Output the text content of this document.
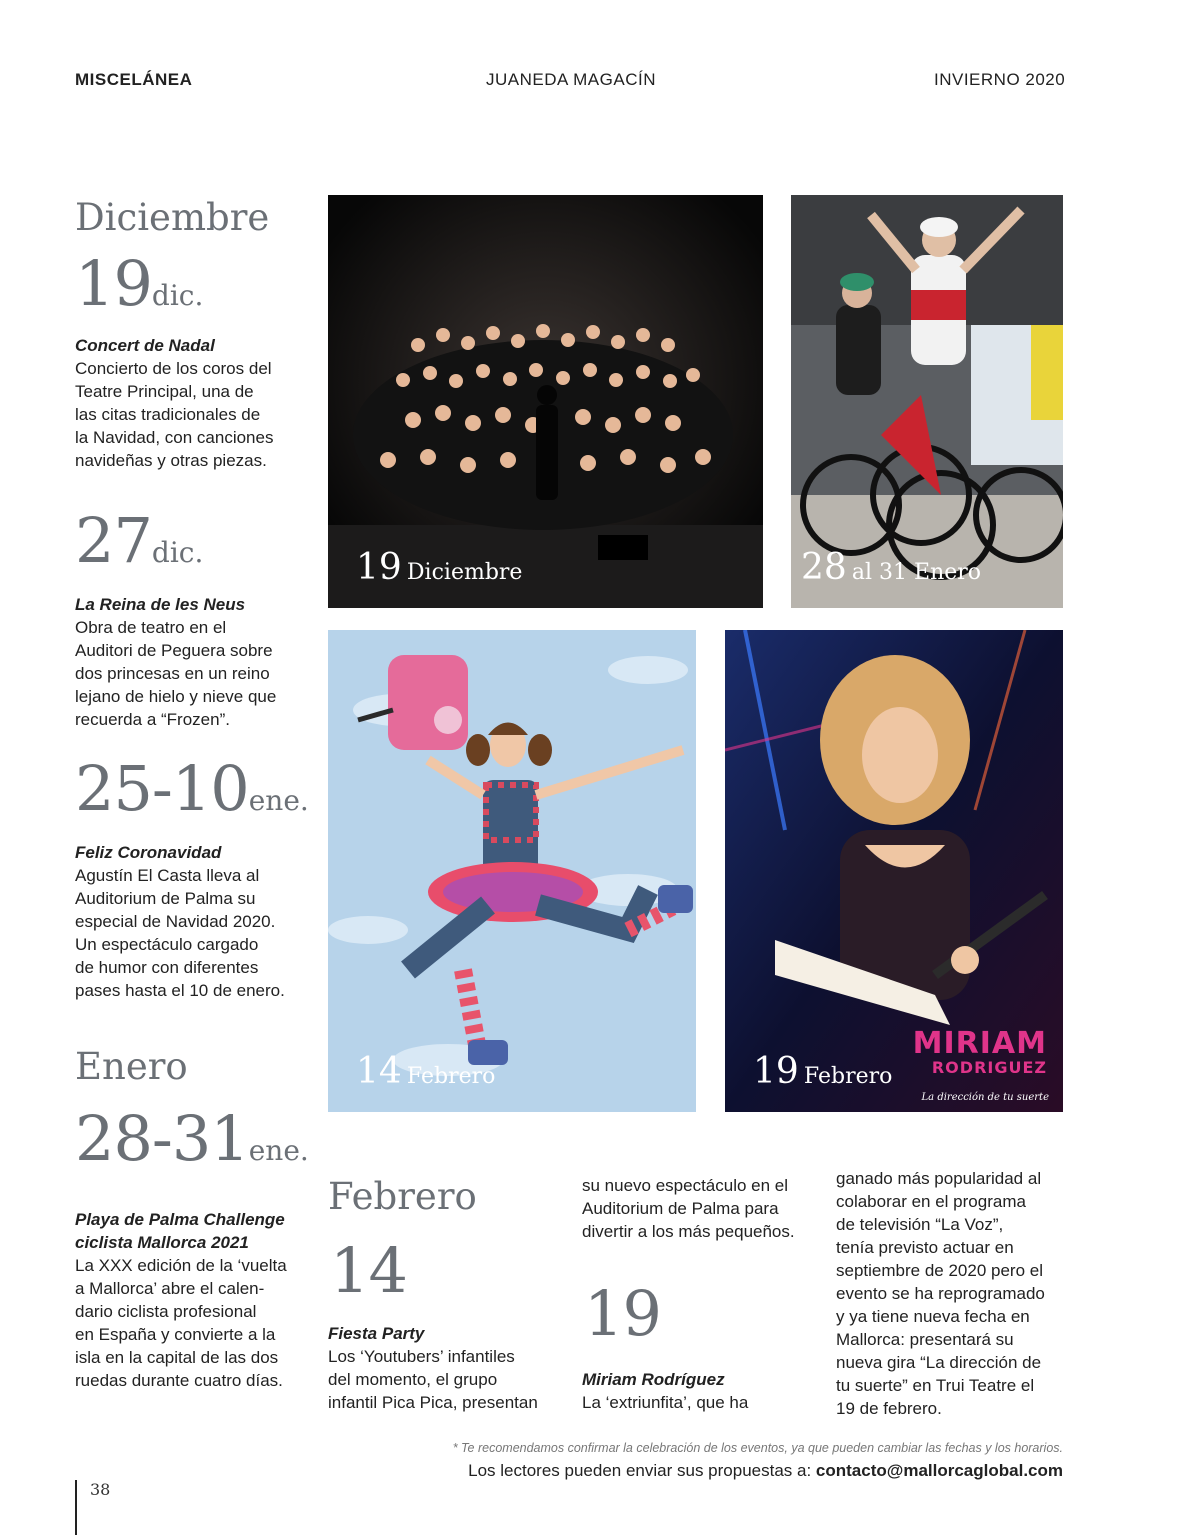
MISCELÁNEA	JUANEDA MAGACÍN	INVIERNO 2020
Diciembre
19dic.
Concert de Nadal
Concierto de los coros del
Teatre Principal, una de
las citas tradicionales de
la Navidad, con canciones
navideñas y otras piezas.
27dic.
La Reina de les Neus
Obra de teatro en el
Auditori de Peguera sobre
dos princesas en un reino
lejano de hielo y nieve que
recuerda a “Frozen”.
25-10ene.
Feliz Coronavidad
Agustín El Casta lleva al
Auditorium de Palma su
especial de Navidad 2020.
Un espectáculo cargado
de humor con diferentes
pases hasta el 10 de enero.
Enero
28-31ene.
Playa de Palma Challenge
ciclista Mallorca 2021
La XXX edición de la ‘vuelta
a Mallorca’ abre el calen-
dario ciclista profesional
en España y convierte a la
isla en la capital de las dos
ruedas durante cuatro días.
19 Diciembre	28 al 31 Enero
14 Febrero
MIRIAM
RODRIGUEZ
La dirección de tu suerte
19 Febrero
Febrero
14
Fiesta Party
Los ‘Youtubers’ infantiles
del momento, el grupo
infantil Pica Pica, presentan
su nuevo espectáculo en el
Auditorium de Palma para
divertir a los más pequeños.
19
Miriam Rodríguez
La ‘extriunfita’, que ha
ganado más popularidad al
colaborar en el programa
de televisión “La Voz”,
tenía previsto actuar en
septiembre de 2020 pero el
evento se ha reprogramado
y ya tiene nueva fecha en
Mallorca: presentará su
nueva gira “La dirección de
tu suerte” en Trui Teatre el
19 de febrero.
* Te recomendamos confirmar la celebración de los eventos, ya que pueden cambiar las fechas y los horarios.
Los lectores pueden enviar sus propuestas a: contacto@mallorcaglobal.com
38
